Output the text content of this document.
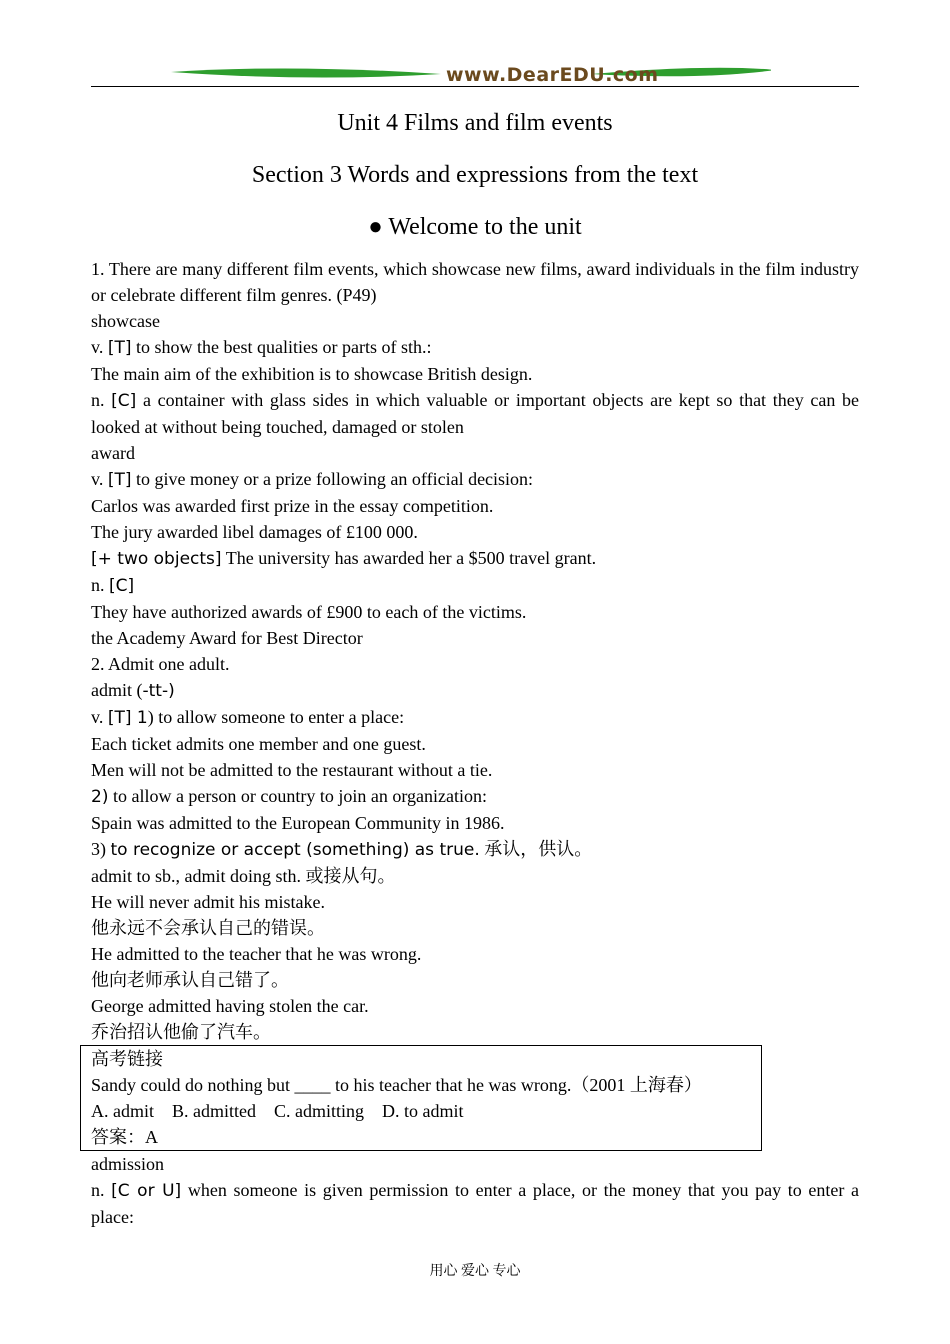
www.DearEDU.com
Unit 4 Films and film events
Section 3 Words and expressions from the text
● Welcome to the unit

1. There are many different film events, which showcase new films, award individuals in the film industry or celebrate different film genres. (P49)

showcase

v. [T] to show the best qualities or parts of sth.:

The main aim of the exhibition is to showcase British design.

n. [C] a container with glass sides in which valuable or important objects are kept so that they can be looked at without being touched, damaged or stolen

award

v. [T] to give money or a prize following an official decision:

Carlos was awarded first prize in the essay competition.

The jury awarded libel damages of £100 000.

[+ two objects] The university has awarded her a $500 travel grant.

n. [C]

They have authorized awards of £900 to each of the victims.

the Academy Award for Best Director

2. Admit one adult.

admit (-tt-)

v. [T] 1) to allow someone to enter a place:

Each ticket admits one member and one guest.

Men will not be admitted to the restaurant without a tie.

2) to allow a person or country to join an organization:

Spain was admitted to the European Community in 1986.

3) to recognize or accept (something) as true. 承认，供认。

admit to sb., admit doing sth. 或接从句。

He will never admit his mistake.

他永远不会承认自己的错误。

He admitted to the teacher that he was wrong.

他向老师承认自己错了。

George admitted having stolen the car.

乔治招认他偷了汽车。

高考链接

Sandy could do nothing but ____ to his teacher that he was wrong.（2001 上海春）

A. admit    B. admitted    C. admitting    D. to admit

答案：A

admission

n. [C or U] when someone is given permission to enter a place, or the money that you pay to enter a place:

用心 爱心 专心
